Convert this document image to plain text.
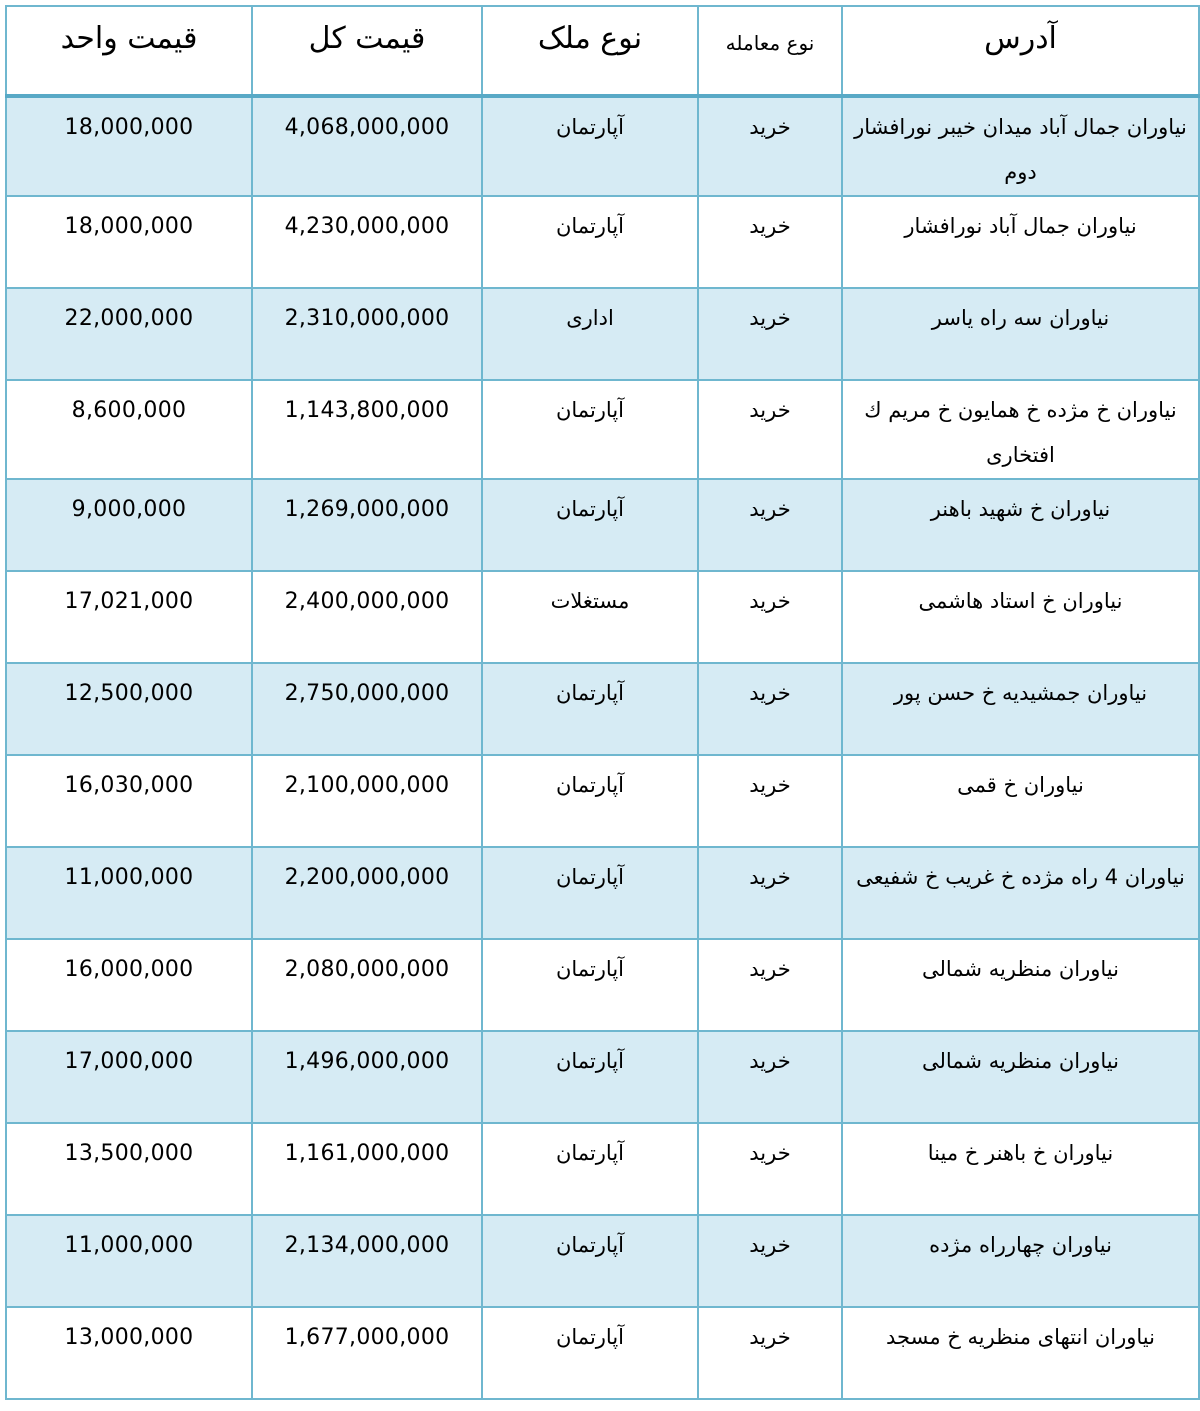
قیمت واحد	قیمت کل	نوع ملک	نوع معامله	آدرس
18,000,000	4,068,000,000	آپارتمان	خرید	نیاوران جمال آباد میدان خیبر نورافشار دوم
18,000,000	4,230,000,000	آپارتمان	خرید	نیاوران جمال آباد نورافشار
22,000,000	2,310,000,000	اداری	خرید	نیاوران سه راه یاسر
8,600,000	1,143,800,000	آپارتمان	خرید	نیاوران خ مژده خ همایون خ مریم ك افتخاری
9,000,000	1,269,000,000	آپارتمان	خرید	نیاوران خ شهید باهنر
17,021,000	2,400,000,000	مستغلات	خرید	نیاوران خ استاد هاشمی
12,500,000	2,750,000,000	آپارتمان	خرید	نیاوران جمشیدیه خ حسن پور
16,030,000	2,100,000,000	آپارتمان	خرید	نیاوران خ قمی
11,000,000	2,200,000,000	آپارتمان	خرید	نیاوران 4 راه مژده خ غریب خ شفیعی
16,000,000	2,080,000,000	آپارتمان	خرید	نیاوران منظریه شمالی
17,000,000	1,496,000,000	آپارتمان	خرید	نیاوران منظریه شمالی
13,500,000	1,161,000,000	آپارتمان	خرید	نیاوران خ باهنر خ مینا
11,000,000	2,134,000,000	آپارتمان	خرید	نیاوران چهارراه مژده
13,000,000	1,677,000,000	آپارتمان	خرید	نیاوران انتهای منظریه خ مسجد
